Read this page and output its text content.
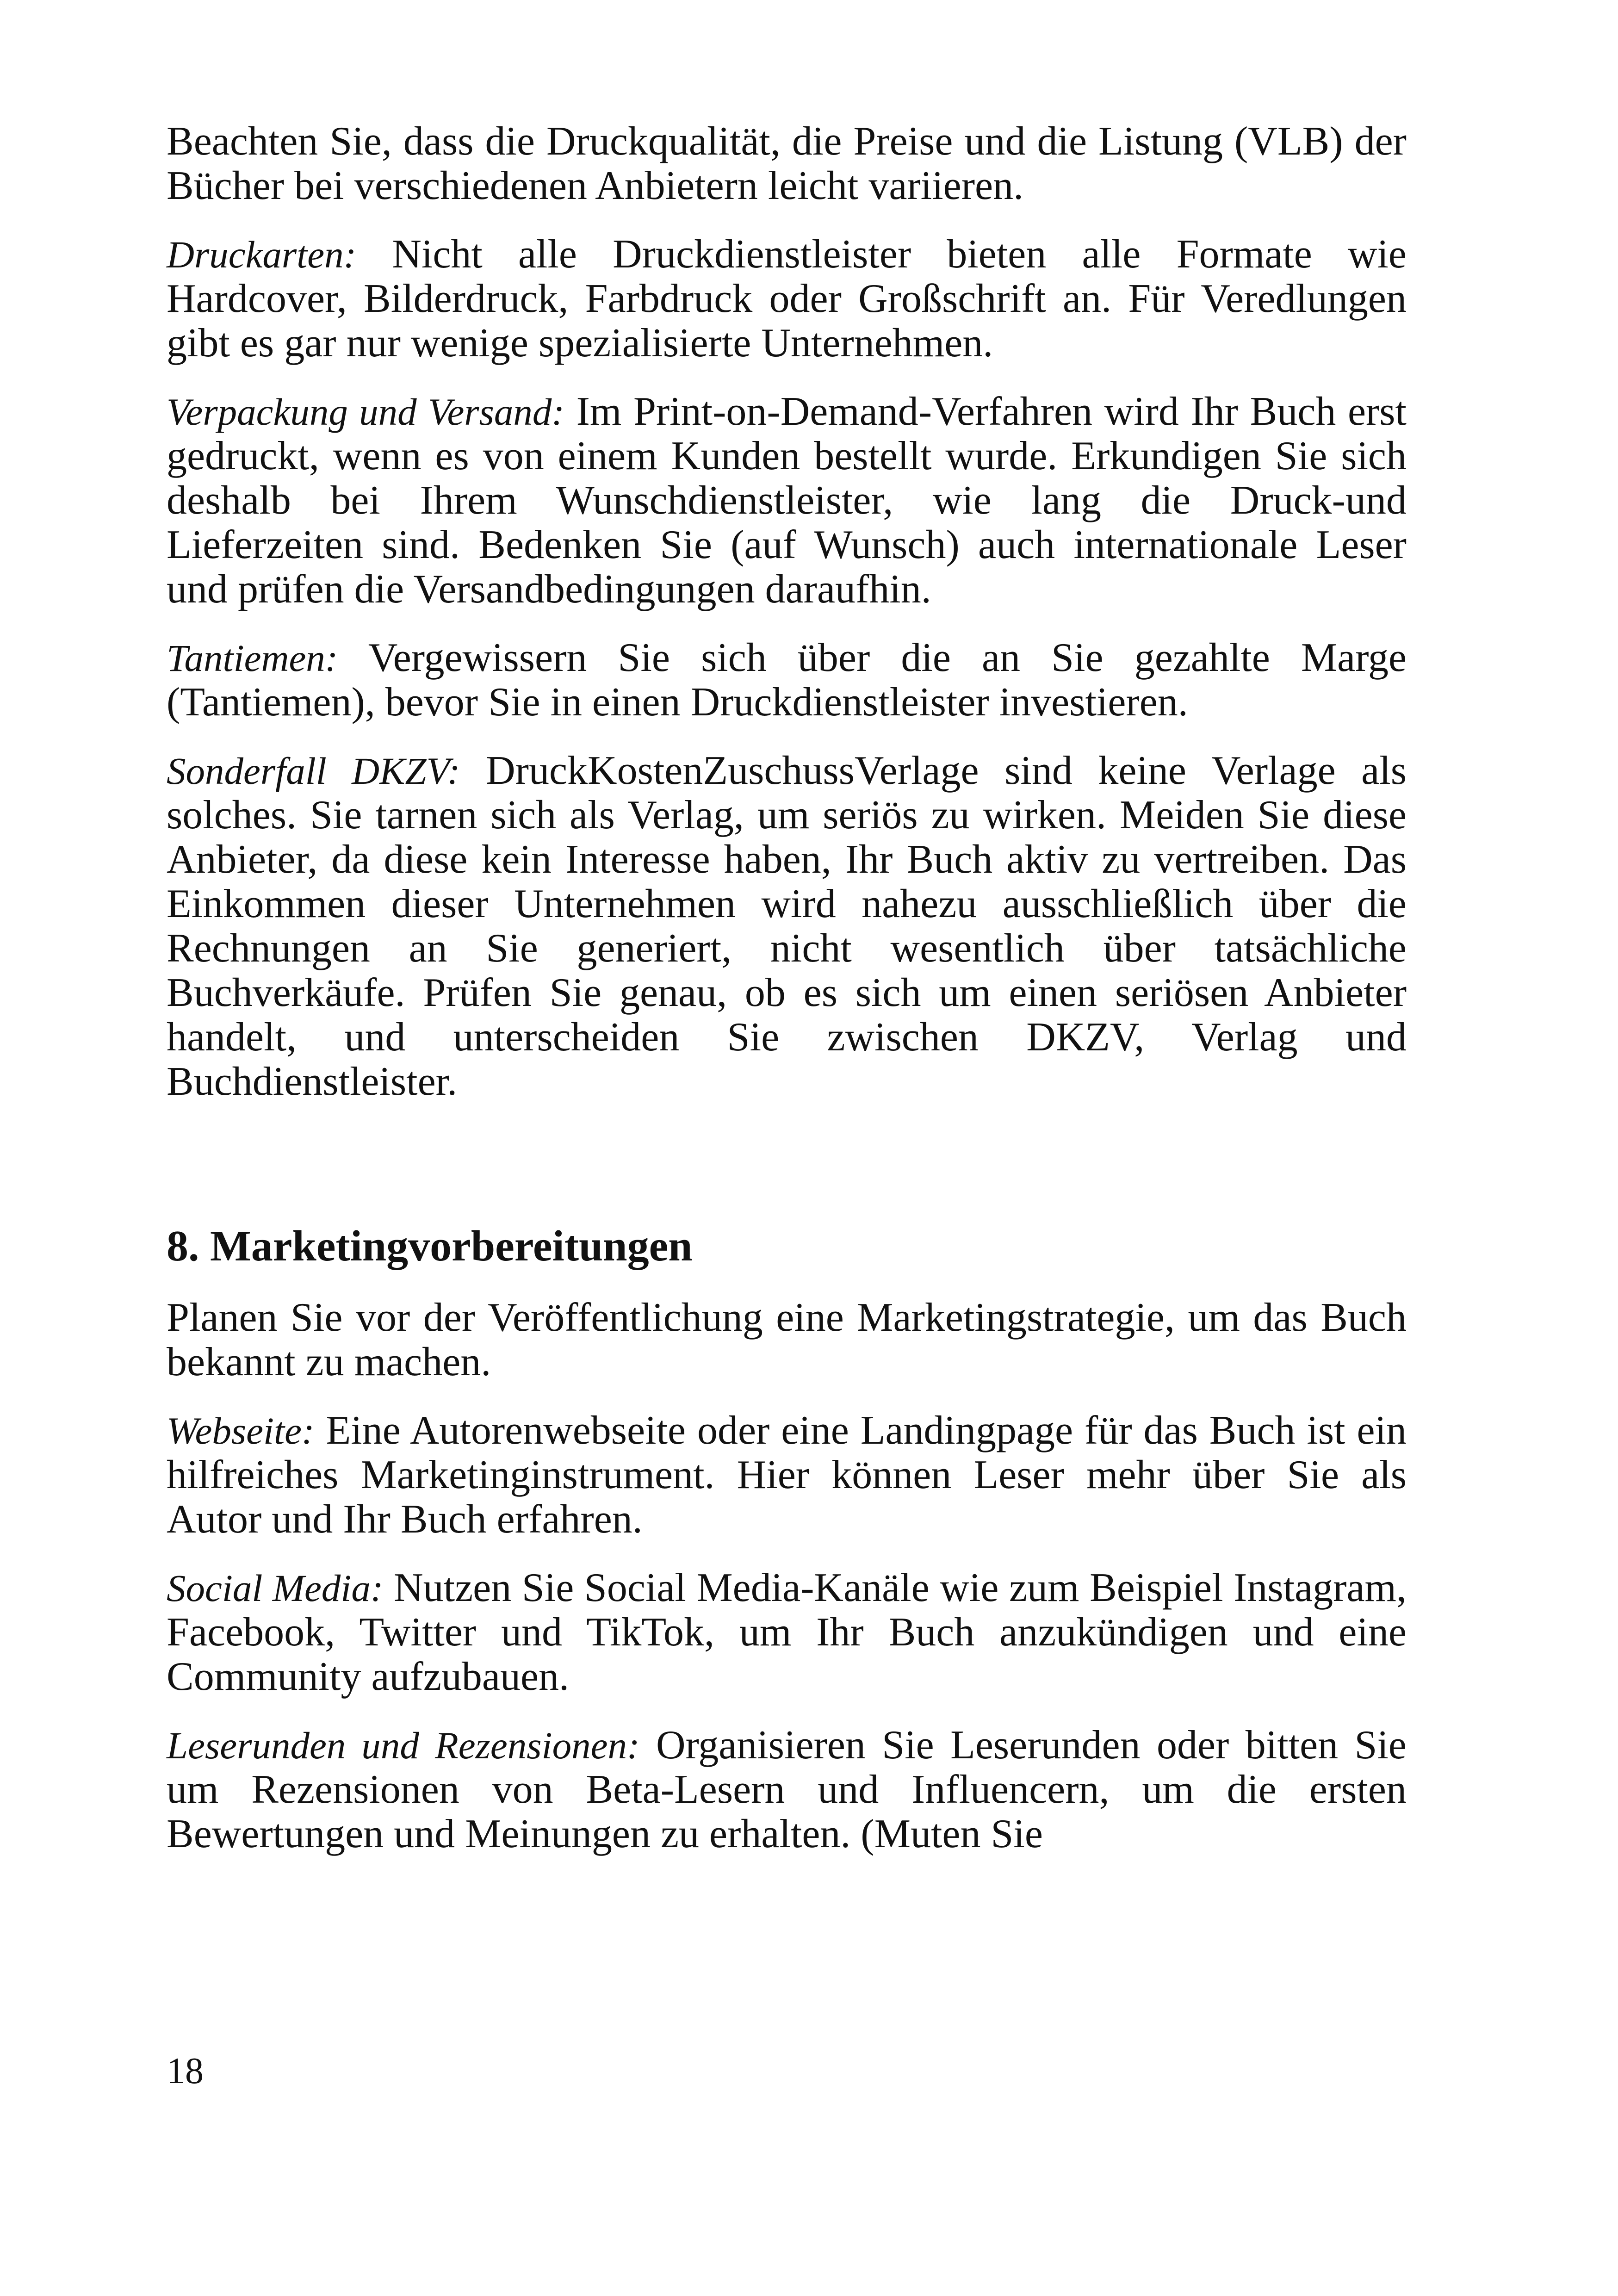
Beachten Sie, dass die Druckqualität, die Preise und die Listung (VLB) der Bücher bei verschiedenen Anbietern leicht variieren.

Druckarten: Nicht alle Druckdienstleister bieten alle Formate wie Hardcover, Bilderdruck, Farbdruck oder Großschrift an. Für Veredlungen gibt es gar nur wenige spezialisierte Unternehmen.

Verpackung und Versand: Im Print-on-Demand-Verfahren wird Ihr Buch erst gedruckt, wenn es von einem Kunden bestellt wurde. Erkundigen Sie sich deshalb bei Ihrem Wunschdienstleister, wie lang die Druck-und Lieferzeiten sind. Bedenken Sie (auf Wunsch) auch internationale Leser und prüfen die Versandbedingungen daraufhin.

Tantiemen: Vergewissern Sie sich über die an Sie gezahlte Marge (Tantiemen), bevor Sie in einen Druckdienstleister investieren.

Sonderfall DKZV: DruckKostenZuschussVerlage sind keine Verlage als solches. Sie tarnen sich als Verlag, um seriös zu wirken. Meiden Sie diese Anbieter, da diese kein Interesse haben, Ihr Buch aktiv zu vertreiben. Das Einkommen dieser Unternehmen wird nahezu ausschließlich über die Rechnungen an Sie generiert, nicht wesentlich über tatsächliche Buchverkäufe. Prüfen Sie genau, ob es sich um einen seriösen Anbieter handelt, und unterscheiden Sie zwischen DKZV, Verlag und Buchdienstleister.

8. Marketingvorbereitungen

Planen Sie vor der Veröffentlichung eine Marketingstrategie, um das Buch bekannt zu machen.

Webseite: Eine Autorenwebseite oder eine Landingpage für das Buch ist ein hilfreiches Marketinginstrument. Hier können Leser mehr über Sie als Autor und Ihr Buch erfahren.

Social Media: Nutzen Sie Social Media-Kanäle wie zum Beispiel Instagram, Facebook, Twitter und TikTok, um Ihr Buch anzukündigen und eine Community aufzubauen.

Leserunden und Rezensionen: Organisieren Sie Leserunden oder bitten Sie um Rezensionen von Beta-Lesern und Influencern, um die ersten Bewertungen und Meinungen zu erhalten. (Muten Sie

18
